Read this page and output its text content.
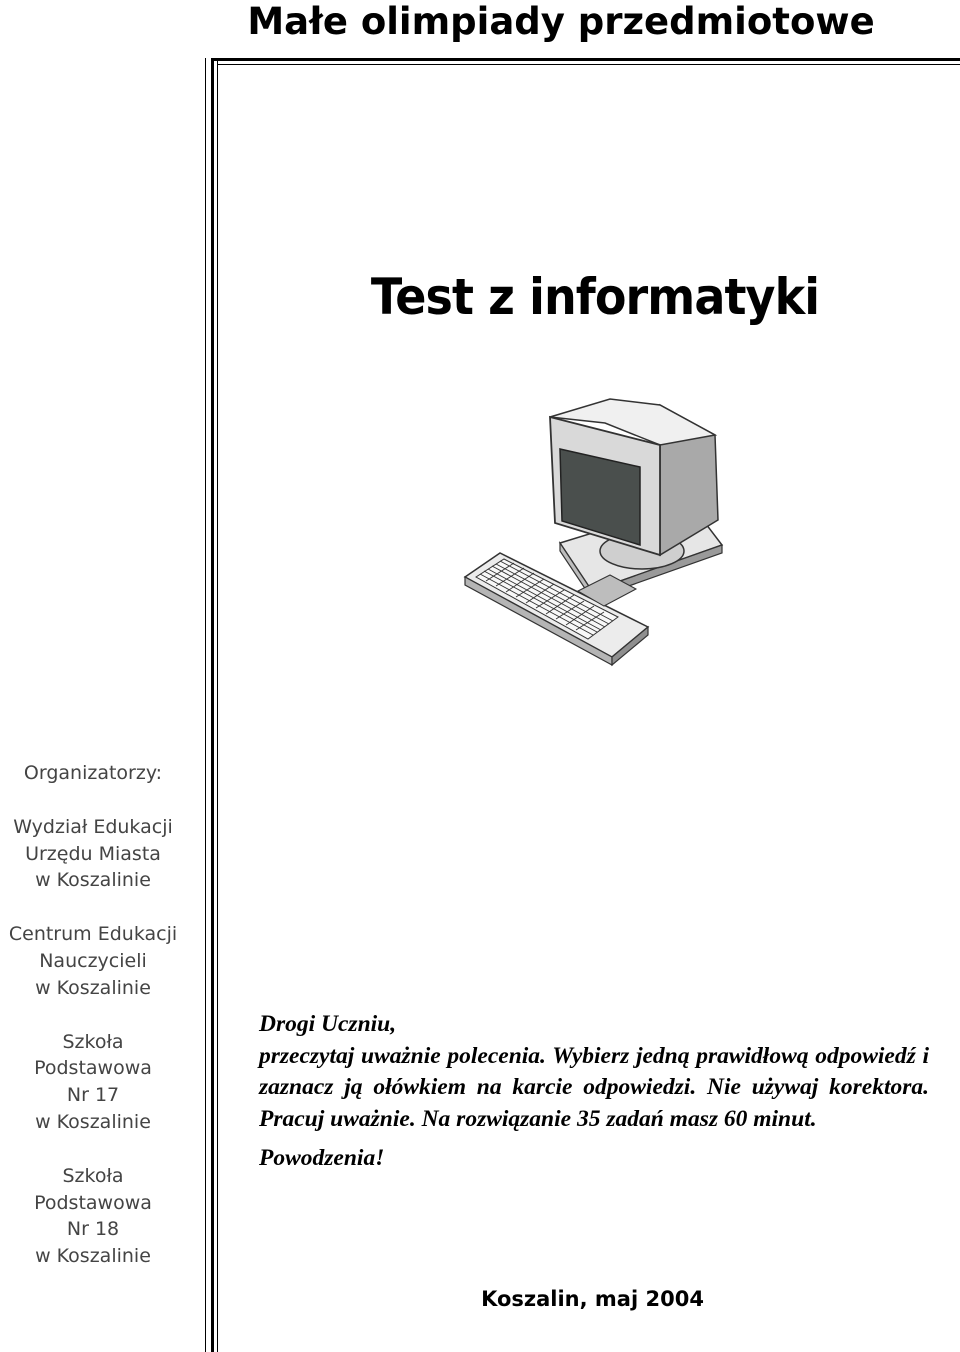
Małe olimpiady przedmiotowe
Test z informatyki
Organizatorzy:
Wydział Edukacji
Urzędu Miasta
w Koszalinie
Centrum Edukacji
Nauczycieli
w Koszalinie
Szkoła
Podstawowa
Nr 17
w Koszalinie
Szkoła
Podstawowa
Nr 18
w Koszalinie

Drogi Uczniu,

przeczytaj uważnie polecenia. Wybierz jedną prawidłową odpowiedź i zaznacz ją ołówkiem na karcie odpowiedzi. Nie używaj korektora. Pracuj uważnie. Na rozwiązanie 35 zadań masz 60 minut.

Powodzenia!

Koszalin, maj 2004
